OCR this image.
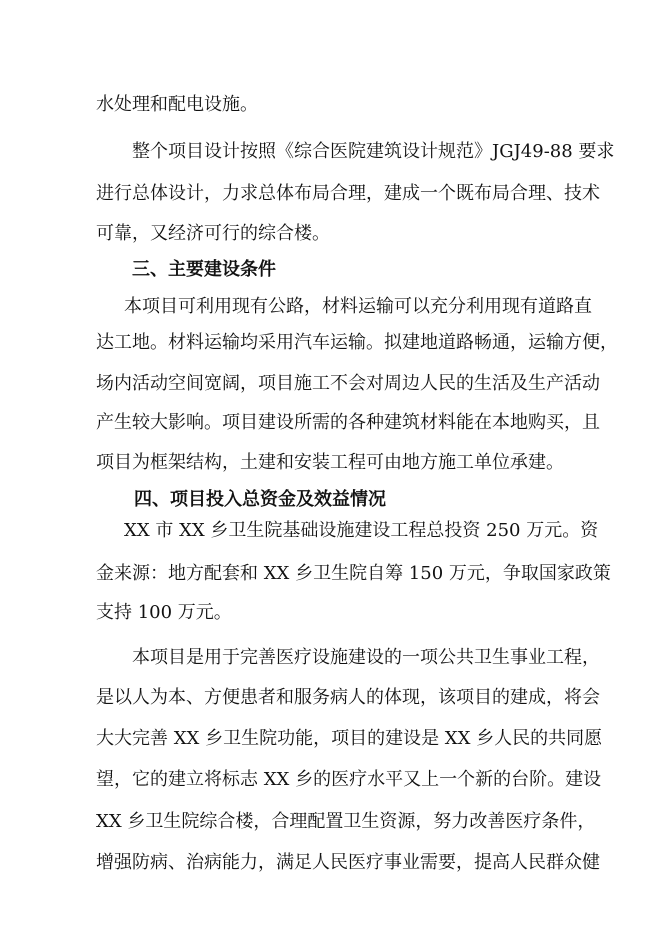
水处理和配电设施。
整个项目设计按照《综合医院建筑设计规范》JGJ49-88 要求
进行总体设计，力求总体布局合理，建成一个既布局合理、技术
可靠，又经济可行的综合楼。
三、主要建设条件
本项目可利用现有公路，材料运输可以充分利用现有道路直
达工地。材料运输均采用汽车运输。拟建地道路畅通，运输方便，
场内活动空间宽阔，项目施工不会对周边人民的生活及生产活动
产生较大影响。项目建设所需的各种建筑材料能在本地购买，且
项目为框架结构，土建和安装工程可由地方施工单位承建。
四、项目投入总资金及效益情况
XX 市 XX 乡卫生院基础设施建设工程总投资 250 万元。资
金来源：地方配套和 XX 乡卫生院自筹 150 万元，争取国家政策
支持 100 万元。
本项目是用于完善医疗设施建设的一项公共卫生事业工程，
是以人为本、方便患者和服务病人的体现，该项目的建成，将会
大大完善 XX 乡卫生院功能，项目的建设是 XX 乡人民的共同愿
望，它的建立将标志 XX 乡的医疗水平又上一个新的台阶。建设
XX 乡卫生院综合楼，合理配置卫生资源，努力改善医疗条件，
增强防病、治病能力，满足人民医疗事业需要，提高人民群众健
